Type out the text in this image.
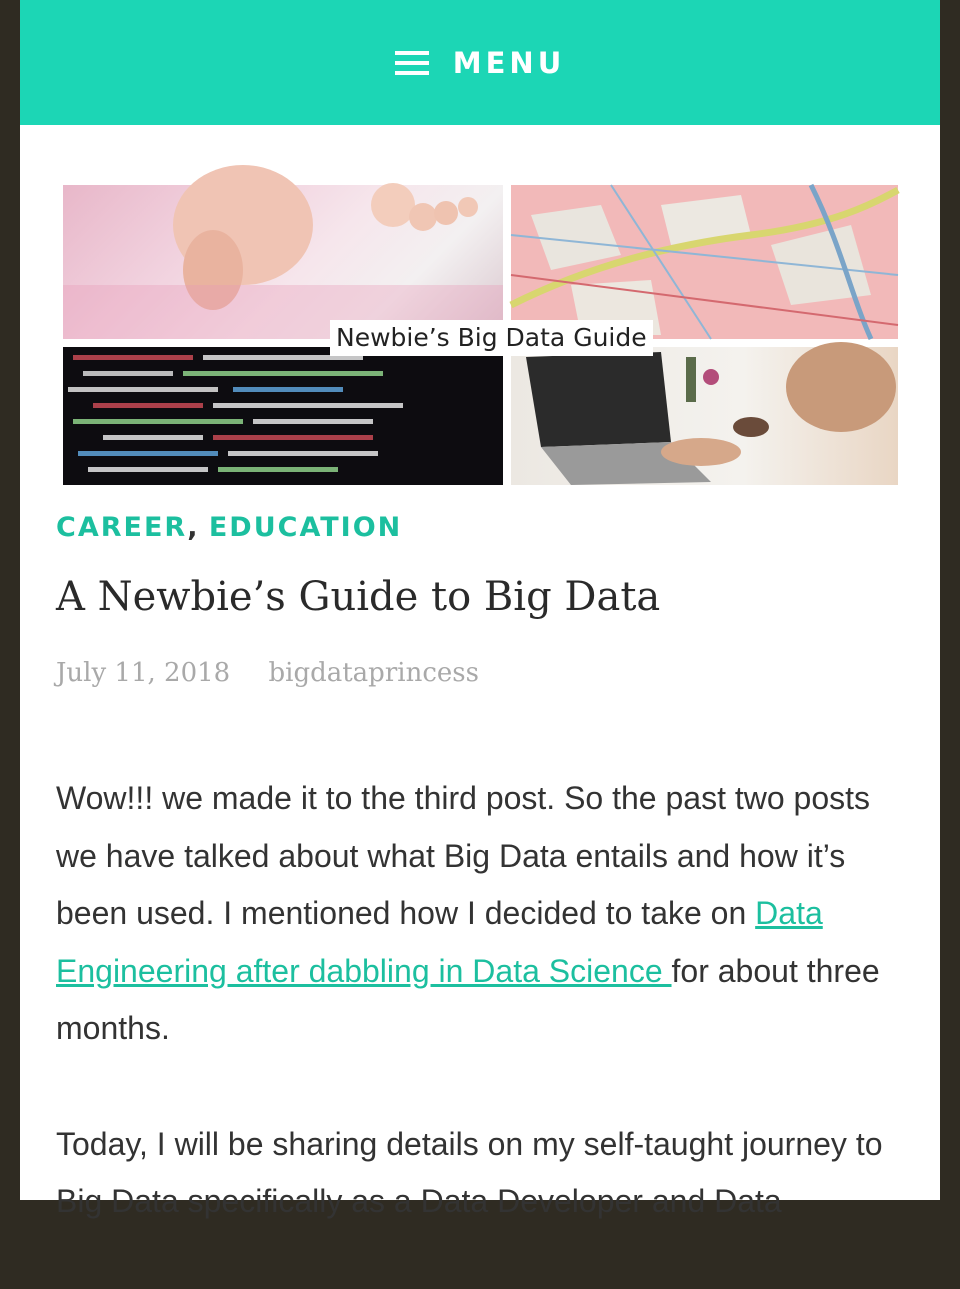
MENU
Newbie’s Big Data Guide
CAREER, EDUCATION
A Newbie’s Guide to Big Data
July 11, 2018 bigdataprincess

Wow!!! we made it to the third post. So the past two posts we have talked about what Big Data entails and how it’s been used. I mentioned how I decided to take on Data Engineering after dabbling in Data Science for about three months.

Today, I will be sharing details on my self-taught journey to Big Data specifically as a Data Developer and Data
